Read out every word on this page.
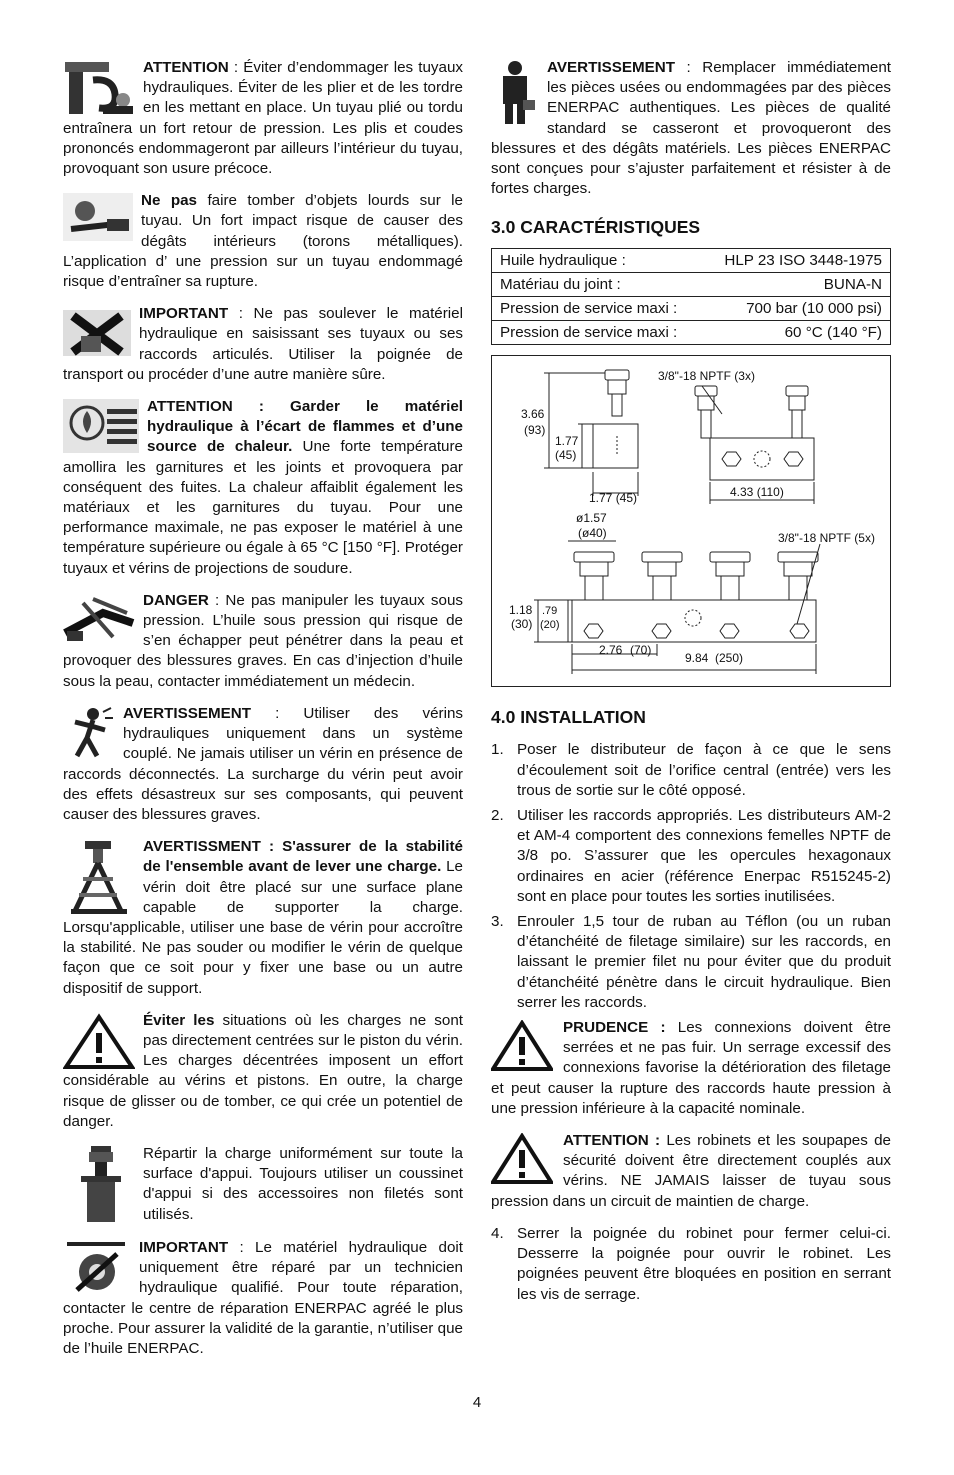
ATTENTION : Éviter d’endommager les tuyaux hydrauliques. Éviter de les plier et de les tordre en les mettant en place. Un tuyau plié ou tordu entraînera un fort retour de pression. Les plis et coudes prononcés endommageront par ailleurs l’intérieur du tuyau, provoquant son usure précoce.

Ne pas faire tomber d’objets lourds sur le tuyau. Un fort impact risque de causer des dégâts intérieurs (torons métalliques). L’application d’ une pression sur un tuyau endommagé risque d’entraîner sa rupture.

IMPORTANT : Ne pas soulever le matériel hydraulique en saisissant ses tuyaux ou ses raccords articulés. Utiliser la poignée de transport ou procéder d’une autre manière sûre.

ATTENTION : Garder le matériel hydraulique à l’écart de flammes et d’une source de chaleur. Une forte température amollira les garnitures et les joints et provoquera par conséquent des fuites. La chaleur affaiblit également les matériaux et les garnitures du tuyau. Pour une performance maximale, ne pas exposer le matériel à une température supérieure ou égale à 65 °C [150 °F]. Protéger tuyaux et vérins de projections de soudure.

DANGER : Ne pas manipuler les tuyaux sous pression. L’huile sous pression qui risque de s’en échapper peut pénétrer dans la peau et provoquer des blessures graves. En cas d’injection d’huile sous la peau, contacter immédiatement un médecin.

AVERTISSEMENT : Utiliser des vérins hydrauliques uniquement dans un système couplé. Ne jamais utiliser un vérin en présence de raccords déconnectés. La surcharge du vérin peut avoir des effets désastreux sur ses composants, qui peuvent causer des blessures graves.

AVERTISSMENT : S'assurer de la stabilité de l'ensemble avant de lever une charge. Le vérin doit être placé sur une surface plane capable de supporter la charge. Lorsqu'applicable, utiliser une base de vérin pour accroître la stabilité. Ne pas souder ou modifier le vérin de quelque façon que ce soit pour y fixer une base ou un autre dispositif de support.

Éviter les situations où les charges ne sont pas directement centrées sur le piston du vérin. Les charges décentrées imposent un effort considérable au vérins et pistons. En outre, la charge risque de glisser ou de tomber, ce qui crée un potentiel de danger.

Répartir la charge uniformément sur toute la surface d'appui. Toujours utiliser un coussinet d'appui si des accessoires non filetés sont utilisés.

IMPORTANT : Le matériel hydraulique doit uniquement être réparé par un technicien hydraulique qualifié. Pour toute réparation, contacter le centre de réparation ENERPAC agréé le plus proche. Pour assurer la validité de la garantie, n’utiliser que de l’huile ENERPAC.

AVERTISSEMENT : Remplacer immédiatement les pièces usées ou endommagées par des pièces ENERPAC authentiques. Les pièces de qualité standard se casseront et provoqueront des blessures et des dégâts matériels. Les pièces ENERPAC sont conçues pour s’ajuster parfaitement et résister à de fortes charges.

3.0 CARACTÉRISTIQUES
Huile hydraulique :	HLP 23 ISO 3448-1975
Matériau du joint :	BUNA-N
Pression de service maxi :	700 bar (10 000 psi)
Pression de service maxi :	60 °C (140 °F)
3.66
(93)
1.77
(45)
1.77 (45)
3/8"-18 NPTF (3x)
4.33 (110)
ø1.57
(ø40)	3/8"-18 NPTF (5x)
1.18
(30)
.79
(20)
2.76 (70)
9.84 (250)
4.0 INSTALLATION
1. Poser le distributeur de façon à ce que le sens d’écoulement soit de l’orifice central (entrée) vers les trous de sortie sur le côté opposé.
2. Utiliser les raccords appropriés. Les distributeurs AM-2 et AM-4 comportent des connexions femelles NPTF de 3/8 po. S’assurer que les opercules hexagonaux ordinaires en acier (référence Enerpac R515245-2) sont en place pour toutes les sorties inutilisées.
3. Enrouler 1,5 tour de ruban au Téflon (ou un ruban d’étanchéité de filetage similaire) sur les raccords, en laissant le premier filet nu pour éviter que du produit d’étanchéité pénètre dans le circuit hydraulique. Bien serrer les raccords.

PRUDENCE : Les connexions doivent être serrées et ne pas fuir. Un serrage excessif des connexions favorise la détérioration des filetage et peut causer la rupture des raccords haute pression à une pression inférieure à la capacité nominale.

ATTENTION : Les robinets et les soupapes de sécurité doivent être directement couplés aux vérins. NE JAMAIS laisser de tuyau sous pression dans un circuit de maintien de charge.

4. Serrer la poignée du robinet pour fermer celui-ci. Desserre la poignée pour ouvrir le robinet. Les poignées peuvent être bloquées en position en serrant les vis de serrage.
4
